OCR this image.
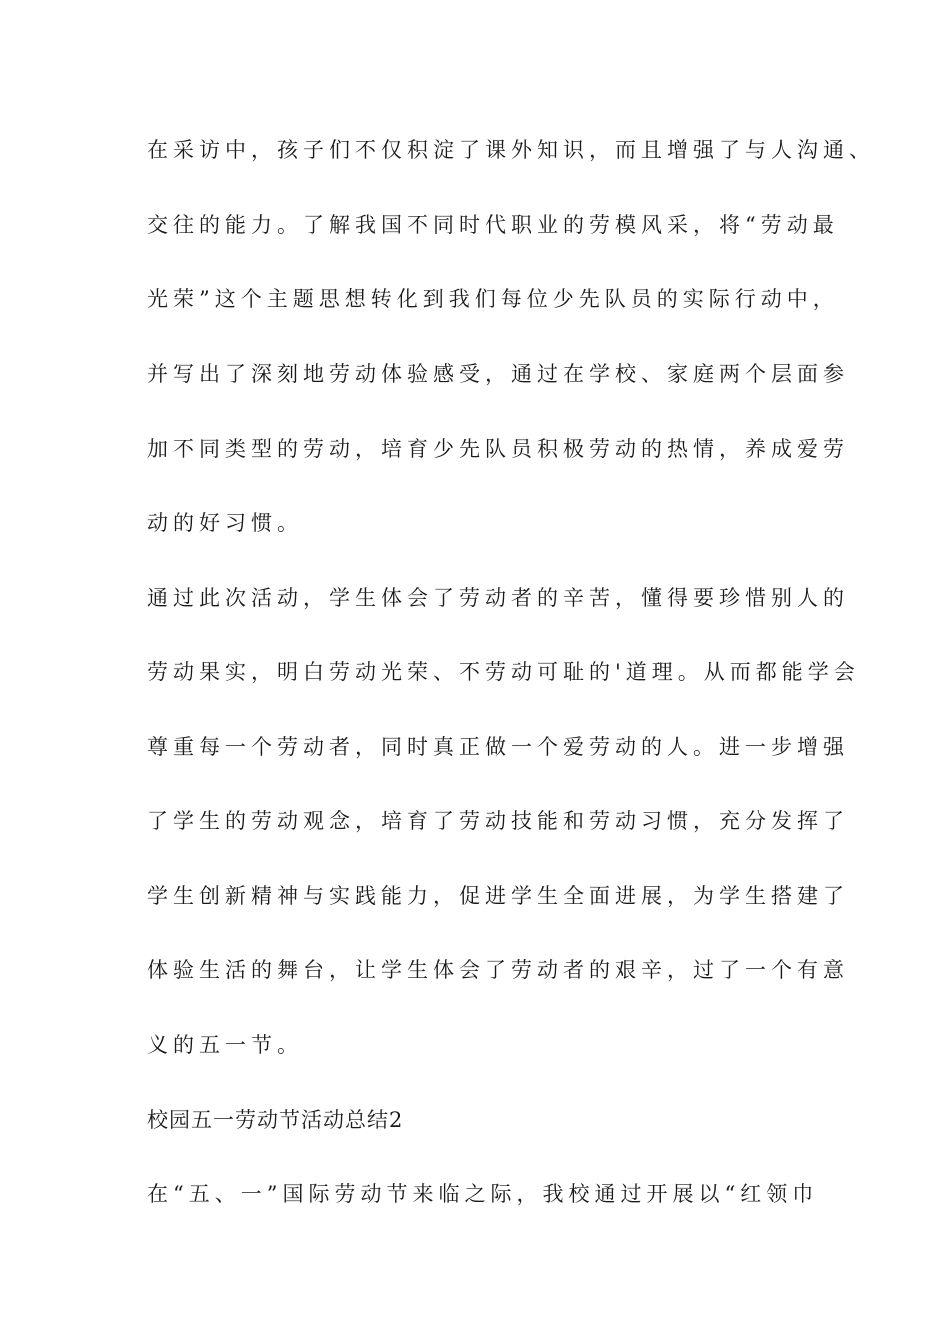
在采访中，孩子们不仅积淀了课外知识，而且增强了与人沟通、
交往的能力。了解我国不同时代职业的劳模风采，将“劳动最
光荣”这个主题思想转化到我们每位少先队员的实际行动中，
并写出了深刻地劳动体验感受，通过在学校、家庭两个层面参
加不同类型的劳动，培育少先队员积极劳动的热情，养成爱劳
动的好习惯。
通过此次活动，学生体会了劳动者的辛苦，懂得要珍惜别人的
劳动果实，明白劳动光荣、不劳动可耻的'道理。从而都能学会
尊重每一个劳动者，同时真正做一个爱劳动的人。进一步增强
了学生的劳动观念，培育了劳动技能和劳动习惯，充分发挥了
学生创新精神与实践能力，促进学生全面进展，为学生搭建了
体验生活的舞台，让学生体会了劳动者的艰辛，过了一个有意
义的五一节。
校园五一劳动节活动总结2
在“五、一”国际劳动节来临之际，我校通过开展以“红领巾
